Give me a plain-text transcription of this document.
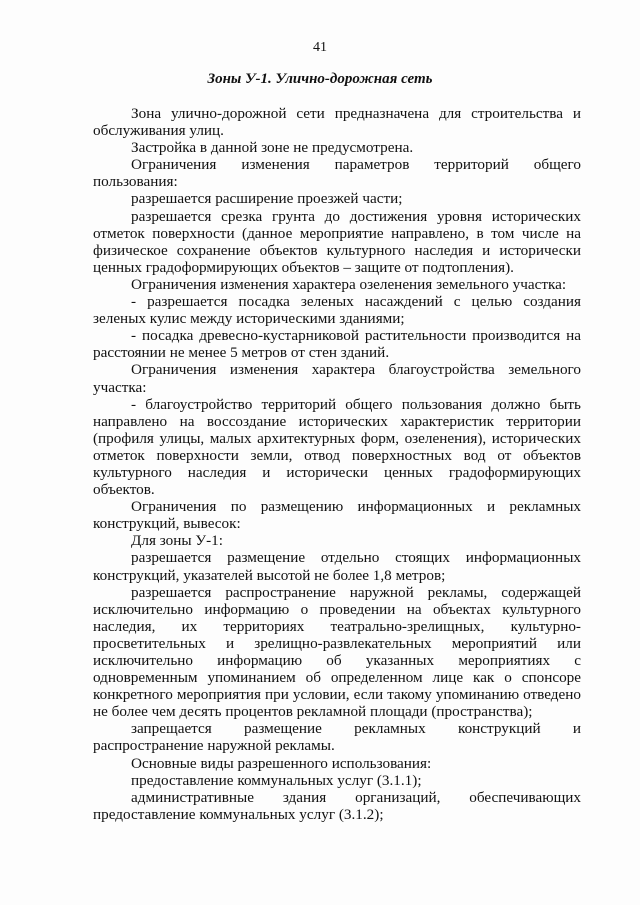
41
Зоны У-1. Улично-дорожная сеть

Зона улично-дорожной сети предназначена для строительства и обслуживания улиц.

Застройка в данной зоне не предусмотрена.

Ограничения изменения параметров территорий общего пользования:

разрешается расширение проезжей части;

разрешается срезка грунта до достижения уровня исторических отметок поверхности (данное мероприятие направлено, в том числе на физическое сохранение объектов культурного наследия и исторически ценных градоформирующих объектов – защите от подтопления).

Ограничения изменения характера озеленения земельного участка:

- разрешается посадка зеленых насаждений с целью создания зеленых кулис между историческими зданиями;

- посадка древесно-кустарниковой растительности производится на расстоянии не менее 5 метров от стен зданий.

Ограничения изменения характера благоустройства земельного участка:

- благоустройство территорий общего пользования должно быть направлено на воссоздание исторических характеристик территории (профиля улицы, малых архитектурных форм, озеленения), исторических отметок поверхности земли, отвод поверхностных вод от объектов культурного наследия и исторически ценных градоформирующих объектов.

Ограничения по размещению информационных и рекламных конструкций, вывесок:

Для зоны У-1:

разрешается размещение отдельно стоящих информационных конструкций, указателей высотой не более 1,8 метров;

разрешается распространение наружной рекламы, содержащей исключительно информацию о проведении на объектах культурного наследия, их территориях театрально-зрелищных, культурно-просветительных и зрелищно-развлекательных мероприятий или исключительно информацию об указанных мероприятиях с одновременным упоминанием об определенном лице как о спонсоре конкретного мероприятия при условии, если такому упоминанию отведено не более чем десять процентов рекламной площади (пространства);

запрещается размещение рекламных конструкций и распространение наружной рекламы.

Основные виды разрешенного использования:

предоставление коммунальных услуг (3.1.1);

административные здания организаций, обеспечивающих предоставление коммунальных услуг (3.1.2);
